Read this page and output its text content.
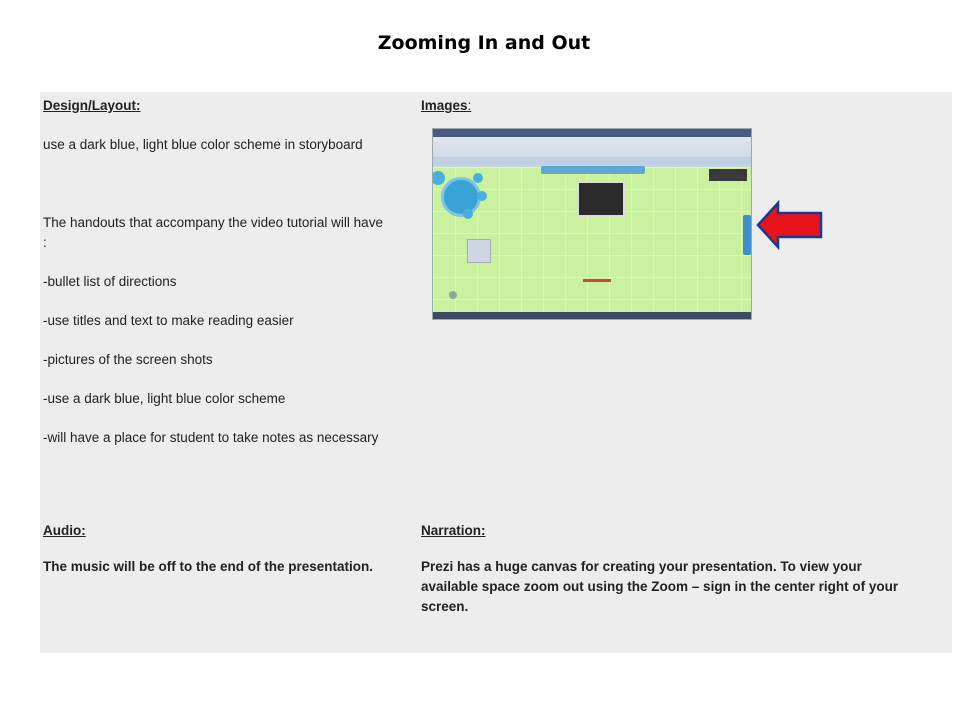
Zooming In and Out
Design/Layout:
use a dark blue, light blue color scheme in storyboard
The handouts that accompany the video tutorial will have
:
-bullet list of directions
-use titles and text to make reading easier
-pictures of the screen shots
-use a dark blue, light blue color scheme
-will have a place for student to take notes as necessary
Images:
Audio:
The music will be off to the end of the presentation.
Narration:
Prezi has a huge canvas for creating your presentation. To view your
available space zoom out using the Zoom – sign in the center right of your
screen.
